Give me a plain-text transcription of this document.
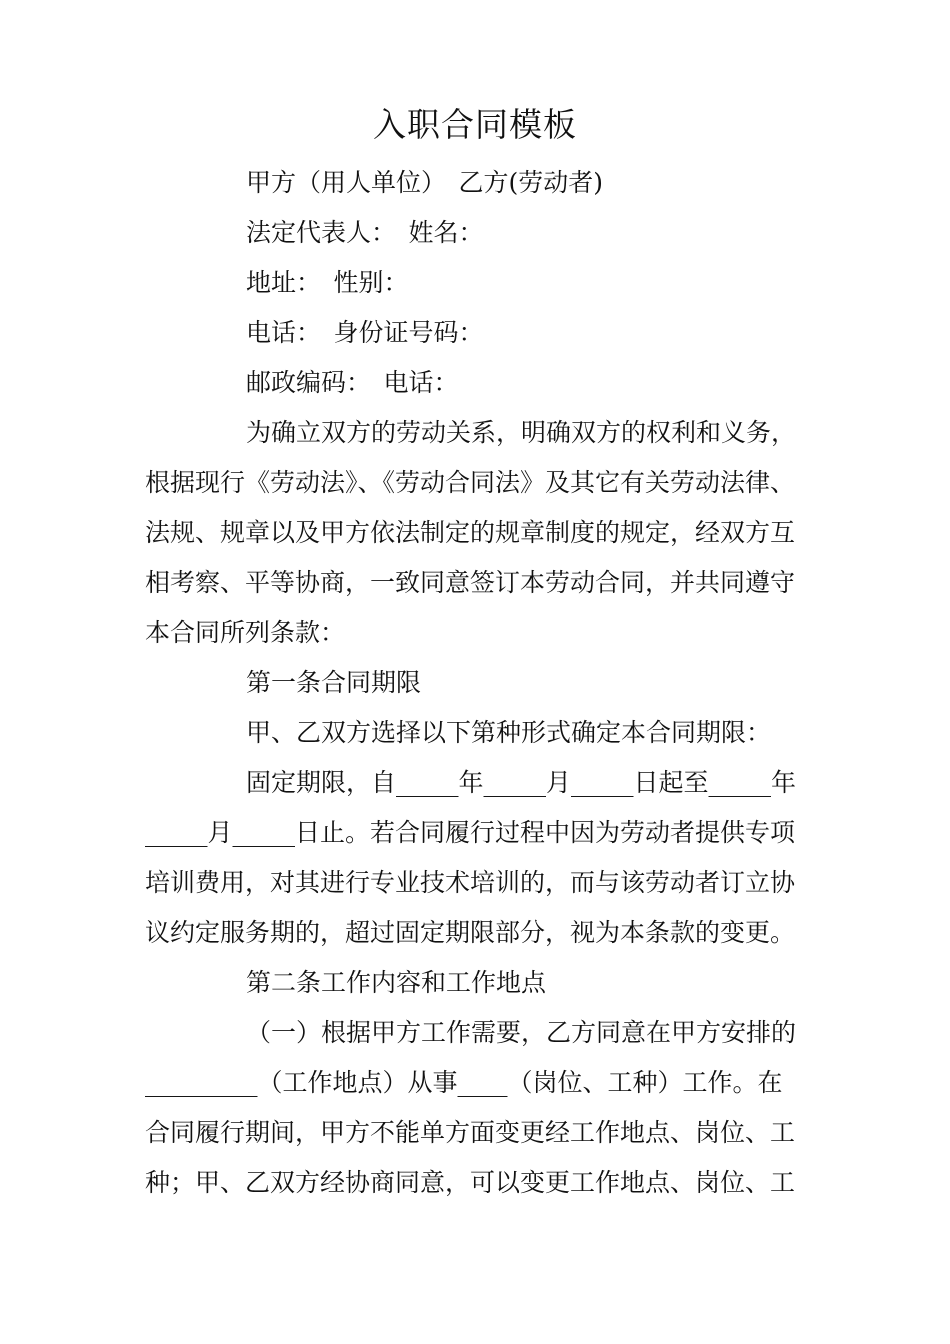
入职合同模板
甲方（用人单位）　乙方(劳动者)
法定代表人：　姓名：
地址：　性别：
电话：　身份证号码：
邮政编码：　电话：
为确立双方的劳动关系，明确双方的权利和义务，
根据现行《劳动法》、《劳动合同法》及其它有关劳动法律、
法规、规章以及甲方依法制定的规章制度的规定，经双方互
相考察、平等协商，一致同意签订本劳动合同，并共同遵守
本合同所列条款：
第一条合同期限
甲、乙双方选择以下第种形式确定本合同期限：
固定期限，自_____年_____月_____日起至_____年
_____月_____日止。若合同履行过程中因为劳动者提供专项
培训费用，对其进行专业技术培训的，而与该劳动者订立协
议约定服务期的，超过固定期限部分，视为本条款的变更。
第二条工作内容和工作地点
（一）根据甲方工作需要，乙方同意在甲方安排的
_________（工作地点）从事____（岗位、工种）工作。在
合同履行期间，甲方不能单方面变更经工作地点、岗位、工
种；甲、乙双方经协商同意，可以变更工作地点、岗位、工
